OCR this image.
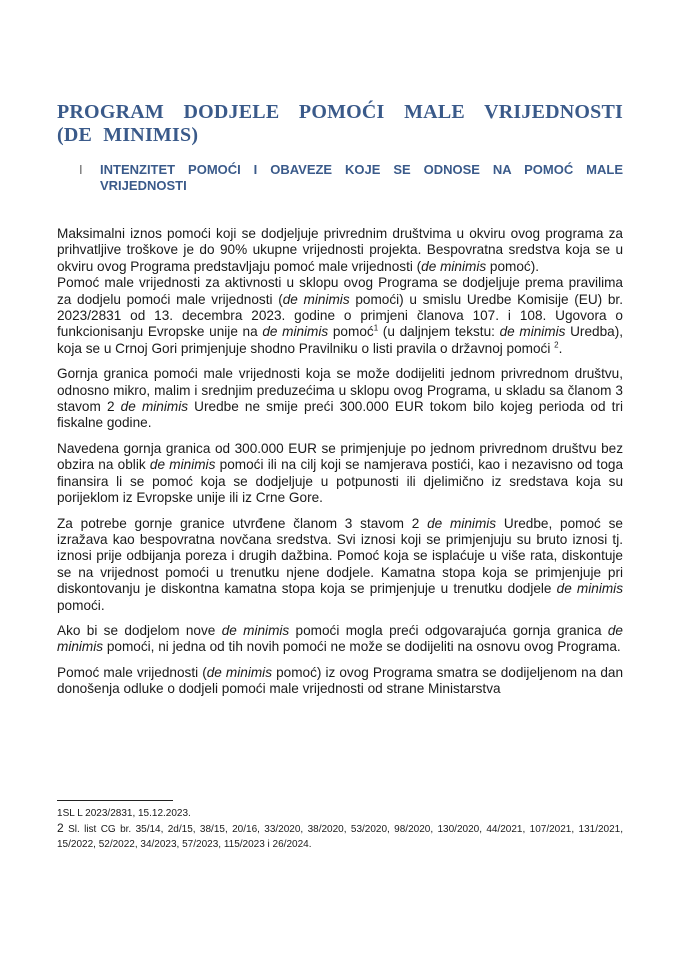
PROGRAM DODJELE POMOĆI MALE VRIJEDNOSTI (DE MINIMIS)
I INTENZITET POMOĆI I OBAVEZE KOJE SE ODNOSE NA POMOĆ MALE VRIJEDNOSTI

Maksimalni iznos pomoći koji se dodjeljuje privrednim društvima u okviru ovog programa za prihvatljive troškove je do 90% ukupne vrijednosti projekta. Bespovratna sredstva koja se u okviru ovog Programa predstavljaju pomoć male vrijednosti (de minimis pomoć).

Pomoć male vrijednosti za aktivnosti u sklopu ovog Programa se dodjeljuje prema pravilima za dodjelu pomoći male vrijednosti (de minimis pomoći) u smislu Uredbe Komisije (EU) br. 2023/2831 od 13. decembra 2023. godine o primjeni članova 107. i 108. Ugovora o funkcionisanju Evropske unije na de minimis pomoć$^1$ (u daljnjem tekstu: de minimis Uredba), koja se u Crnoj Gori primjenjuje shodno Pravilniku o listi pravila o državnoj pomoći $^2$.

Gornja granica pomoći male vrijednosti koja se može dodijeliti jednom privrednom društvu, odnosno mikro, malim i srednjim preduzećima u sklopu ovog Programa, u skladu sa članom 3 stavom 2 de minimis Uredbe ne smije preći 300.000 EUR tokom bilo kojeg perioda od tri fiskalne godine.

Navedena gornja granica od 300.000 EUR se primjenjuje po jednom privrednom društvu bez obzira na oblik de minimis pomoći ili na cilj koji se namjerava postići, kao i nezavisno od toga finansira li se pomoć koja se dodjeljuje u potpunosti ili djelimično iz sredstava koja su porijeklom iz Evropske unije ili iz Crne Gore.

Za potrebe gornje granice utvrđene članom 3 stavom 2 de minimis Uredbe, pomoć se izražava kao bespovratna novčana sredstva. Svi iznosi koji se primjenjuju su bruto iznosi tj. iznosi prije odbijanja poreza i drugih dažbina. Pomoć koja se isplaćuje u više rata, diskontuje se na vrijednost pomoći u trenutku njene dodjele. Kamatna stopa koja se primjenjuje pri diskontovanju je diskontna kamatna stopa koja se primjenjuje u trenutku dodjele de minimis pomoći.

Ako bi se dodjelom nove de minimis pomoći mogla preći odgovarajuća gornja granica de minimis pomoći, ni jedna od tih novih pomoći ne može se dodijeliti na osnovu ovog Programa.

Pomoć male vrijednosti (de minimis pomoć) iz ovog Programa smatra se dodijeljenom na dan donošenja odluke o dodjeli pomoći male vrijednosti od strane Ministarstva

1SL L 2023/2831, 15.12.2023.
2 Sl. list CG br. 35/14, 2d/15, 38/15, 20/16, 33/2020, 38/2020, 53/2020, 98/2020, 130/2020, 44/2021, 107/2021, 131/2021, 15/2022, 52/2022, 34/2023, 57/2023, 115/2023 i 26/2024.
